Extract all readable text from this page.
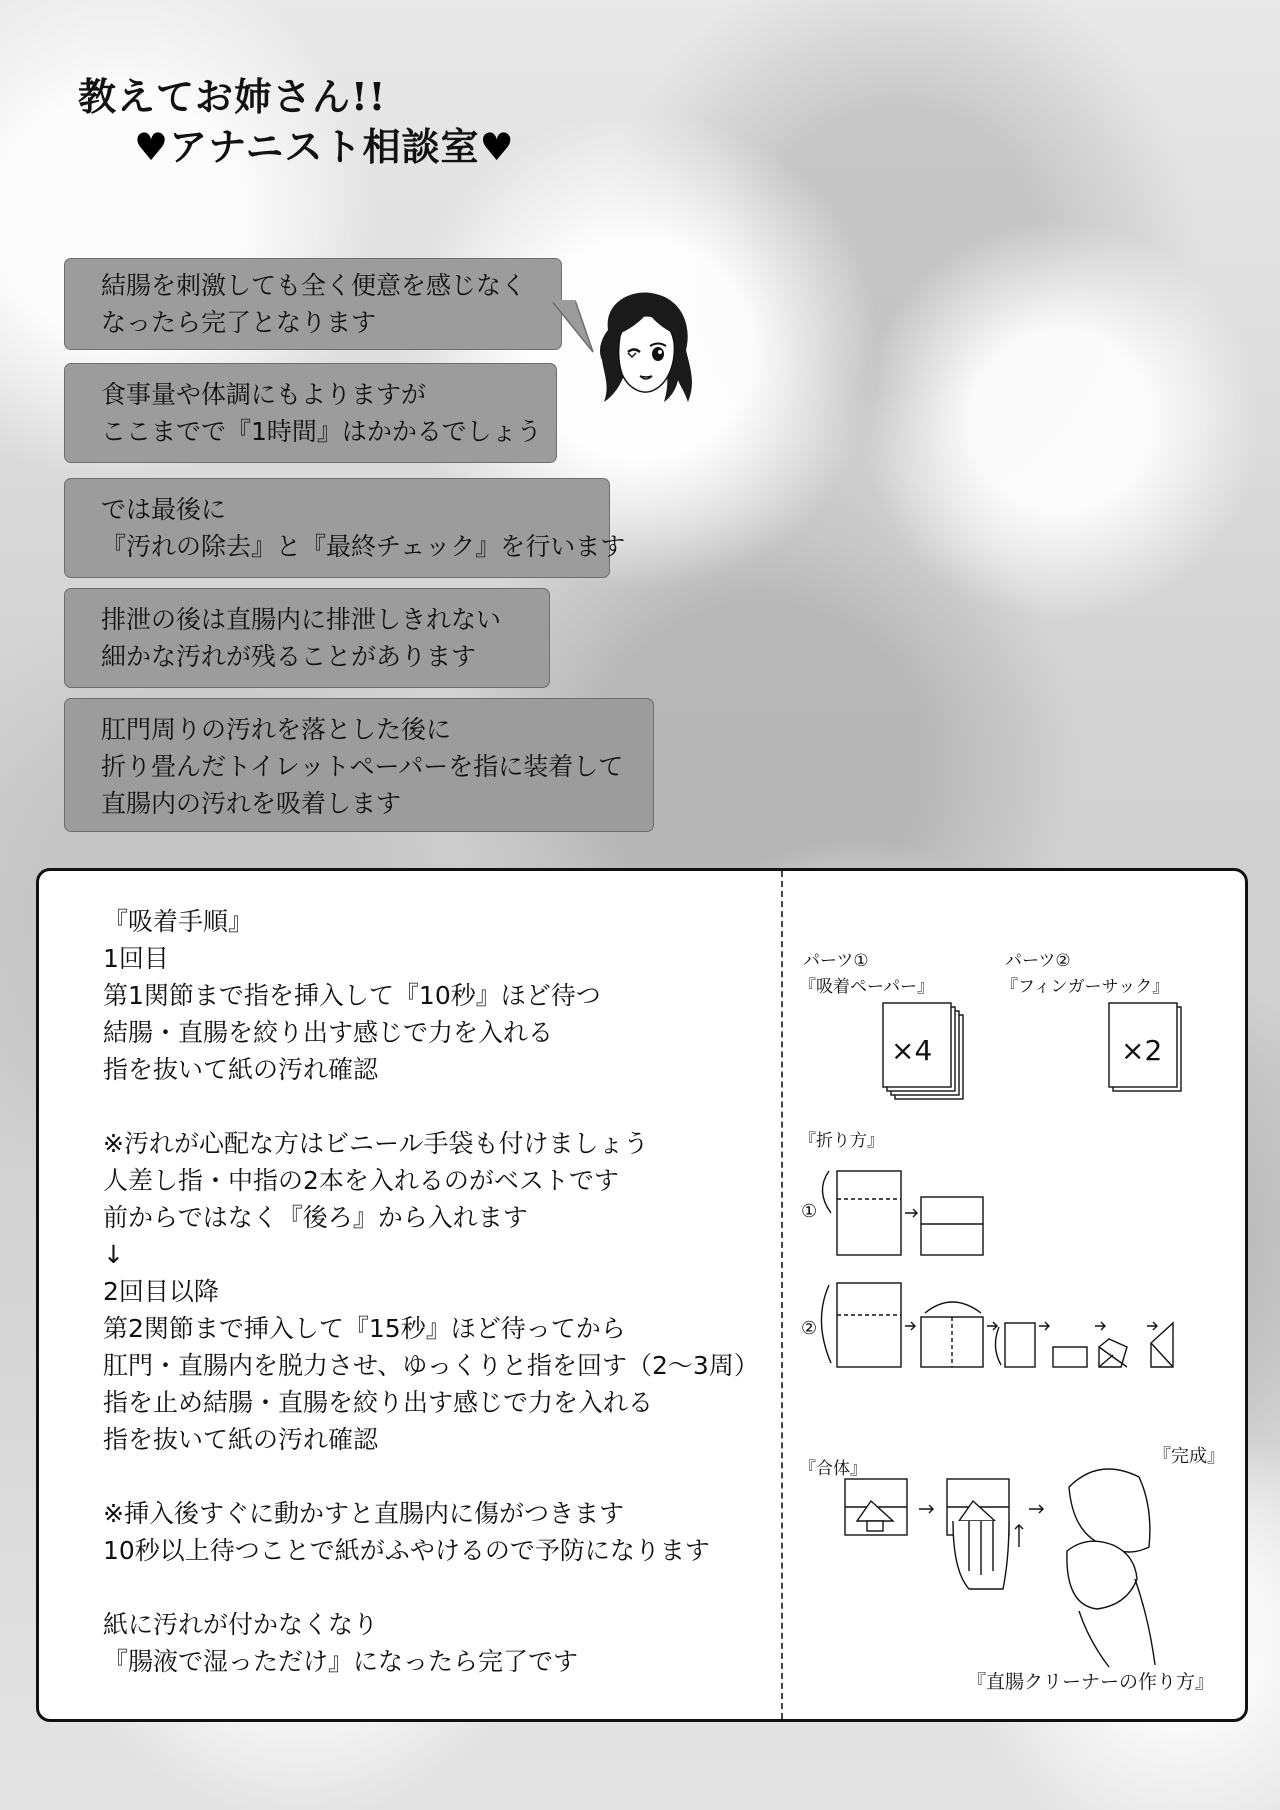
教えてお姉さん!!
♥アナニスト相談室♥
結腸を刺激しても全く便意を感じなく
なったら完了となります
食事量や体調にもよりますが
ここまでで『1時間』はかかるでしょう
では最後に
『汚れの除去』と『最終チェック』を行います
排泄の後は直腸内に排泄しきれない
細かな汚れが残ることがあります
肛門周りの汚れを落とした後に
折り畳んだトイレットペーパーを指に装着して
直腸内の汚れを吸着します
『吸着手順』
1回目
第1関節まで指を挿入して『10秒』ほど待つ
結腸・直腸を絞り出す感じで力を入れる
指を抜いて紙の汚れ確認
※汚れが心配な方はビニール手袋も付けましょう
人差し指・中指の2本を入れるのがベストです
前からではなく『後ろ』から入れます
↓
2回目以降
第2関節まで挿入して『15秒』ほど待ってから
肛門・直腸内を脱力させ、ゆっくりと指を回す（2～3周）
指を止め結腸・直腸を絞り出す感じで力を入れる
指を抜いて紙の汚れ確認
※挿入後すぐに動かすと直腸内に傷がつきます
10秒以上待つことで紙がふやけるので予防になります
紙に汚れが付かなくなり
『腸液で湿っただけ』になったら完了です
パーツ①
『吸着ペーパー』
パーツ②
『フィンガーサック』
『折り方』
①
②
『合体』
『完成』
『直腸クリーナーの作り方』
×4	×2
